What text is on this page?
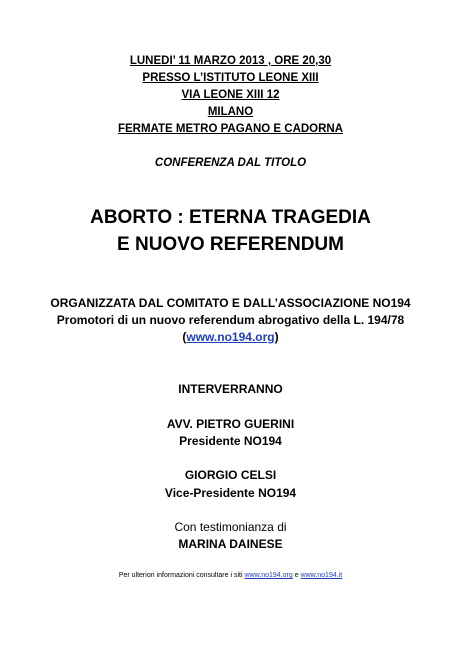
LUNEDI’ 11 MARZO 2013 , ORE 20,30
PRESSO L’ISTITUTO LEONE XIII
VIA LEONE XIII 12
MILANO
FERMATE METRO PAGANO E CADORNA
CONFERENZA DAL TITOLO
ABORTO : ETERNA TRAGEDIA
E NUOVO REFERENDUM
ORGANIZZATA DAL COMITATO E DALL’ASSOCIAZIONE NO194
Promotori di un nuovo referendum abrogativo della L. 194/78
(www.no194.org)
INTERVERRANNO
AVV. PIETRO GUERINI
Presidente NO194
GIORGIO CELSI
Vice-Presidente NO194
Con testimonianza di
MARINA DAINESE
Per ulteriori informazioni consultare i siti www.no194.org e www.no194.it
